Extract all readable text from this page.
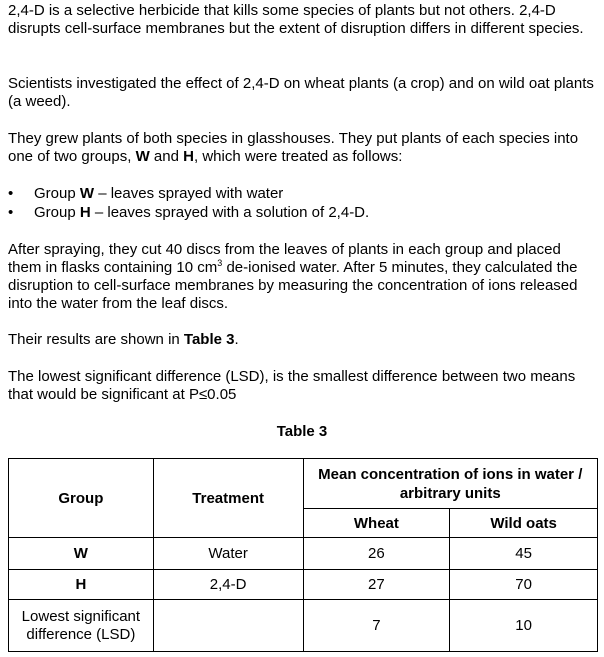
2,4-D is a selective herbicide that kills some species of plants but not others. 2,4-D disrupts cell-surface membranes but the extent of disruption differs in different species.

Scientists investigated the effect of 2,4-D on wheat plants (a crop) and on wild oat plants (a weed).

They grew plants of both species in glasshouses. They put plants of each species into one of two groups, W and H, which were treated as follows:

• Group W – leaves sprayed with water
• Group H – leaves sprayed with a solution of 2,4-D.

After spraying, they cut 40 discs from the leaves of plants in each group and placed them in flasks containing 10 $cm^3$ de-ionised water. After 5 minutes, they calculated the disruption to cell-surface membranes by measuring the concentration of ions released into the water from the leaf discs.

Their results are shown in Table 3.

The lowest significant difference (LSD), is the smallest difference between two means that would be significant at P≤0.05

Table 3
Group	Treatment	Mean concentration of ions in water / arbitrary units	
		Wheat	Wild oats
W	Water	26	45
H	2,4-D	27	70
Lowest significant difference (LSD)		7	10
